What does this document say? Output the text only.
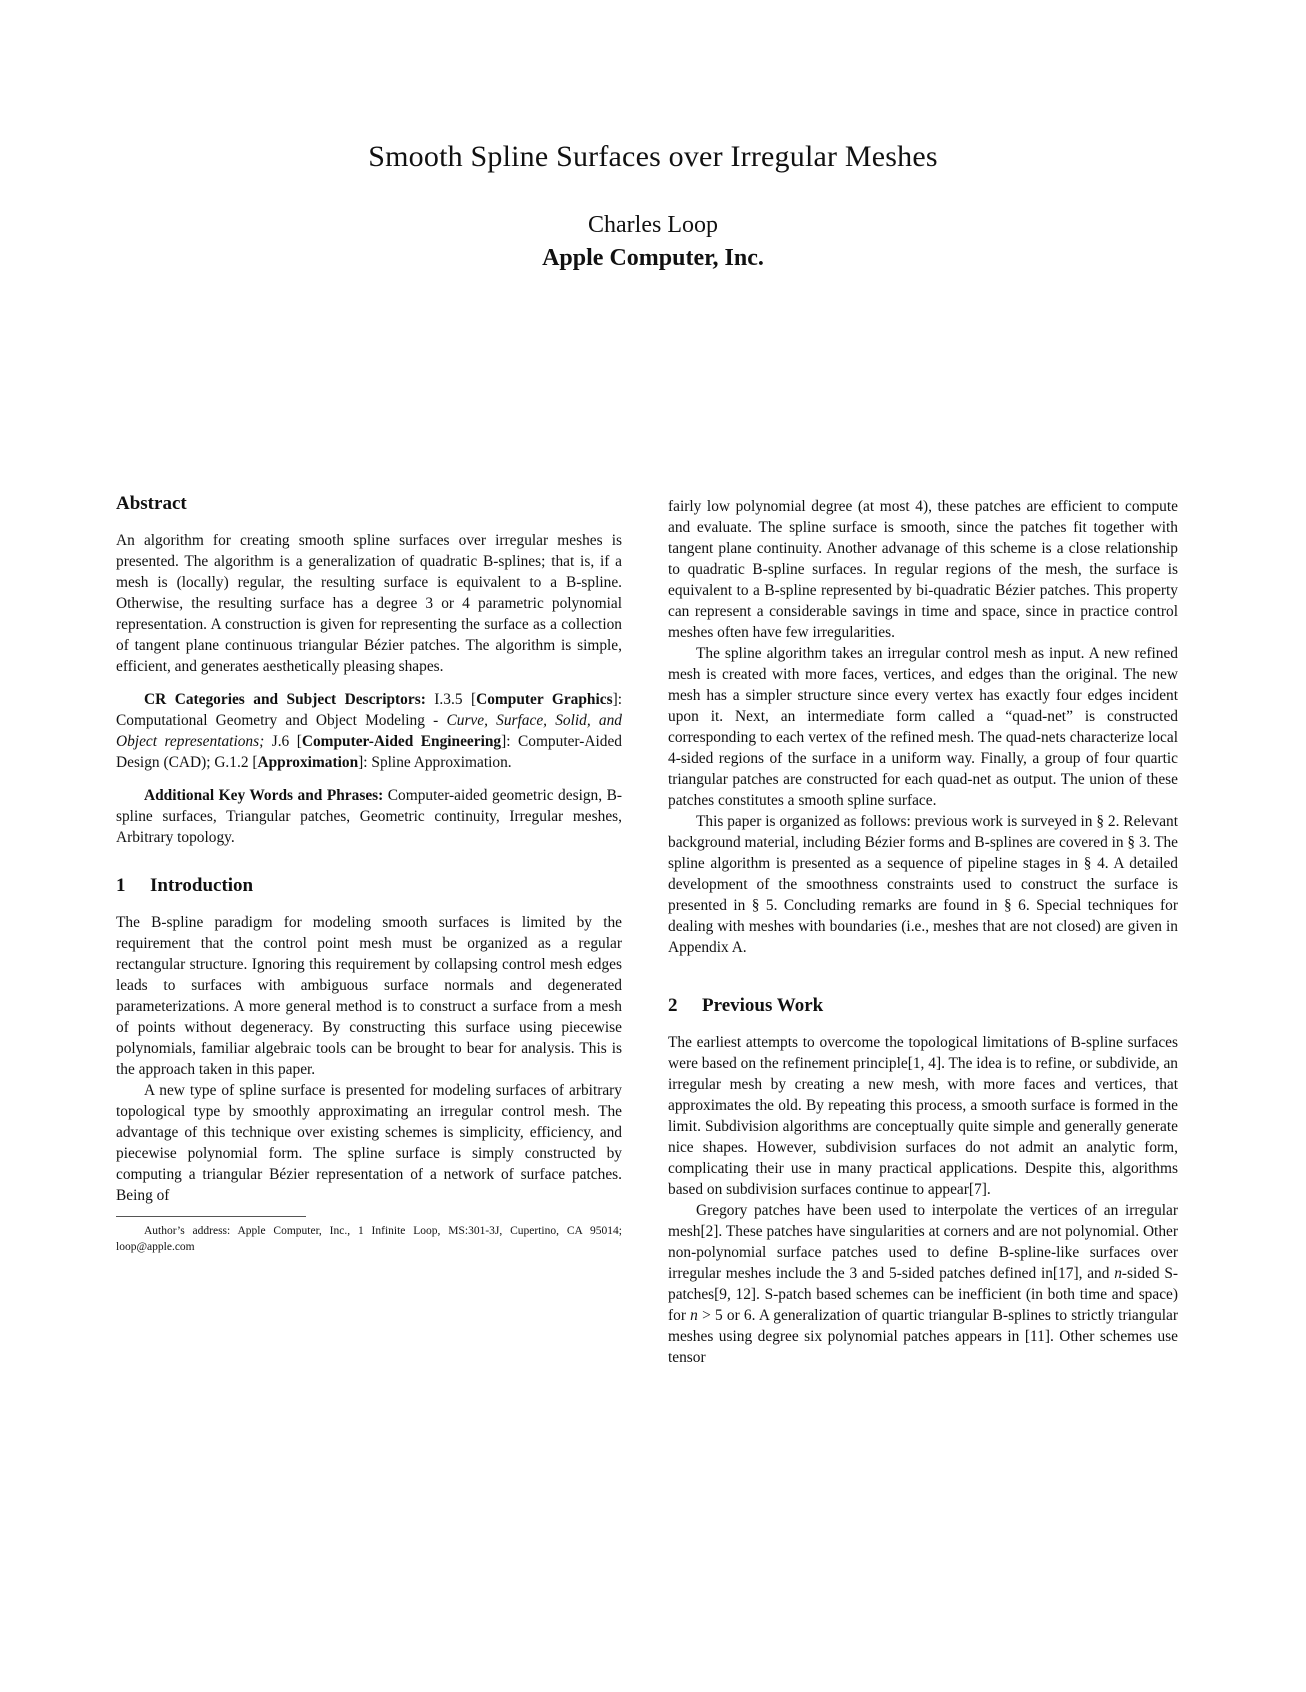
Smooth Spline Surfaces over Irregular Meshes
Charles Loop
Apple Computer, Inc.
Abstract

An algorithm for creating smooth spline surfaces over irregular meshes is presented. The algorithm is a generalization of quadratic B-splines; that is, if a mesh is (locally) regular, the resulting surface is equivalent to a B-spline. Otherwise, the resulting surface has a degree 3 or 4 parametric polynomial representation. A construction is given for representing the surface as a collection of tangent plane continuous triangular Bézier patches. The algorithm is simple, efficient, and generates aesthetically pleasing shapes.

CR Categories and Subject Descriptors: I.3.5 [Computer Graphics]: Computational Geometry and Object Modeling - Curve, Surface, Solid, and Object representations; J.6 [Computer-Aided Engineering]: Computer-Aided Design (CAD); G.1.2 [Approximation]: Spline Approximation.

Additional Key Words and Phrases: Computer-aided geometric design, B-spline surfaces, Triangular patches, Geometric continuity, Irregular meshes, Arbitrary topology.

1 Introduction

The B-spline paradigm for modeling smooth surfaces is limited by the requirement that the control point mesh must be organized as a regular rectangular structure. Ignoring this requirement by collapsing control mesh edges leads to surfaces with ambiguous surface normals and degenerated parameterizations. A more general method is to construct a surface from a mesh of points without degeneracy. By constructing this surface using piecewise polynomials, familiar algebraic tools can be brought to bear for analysis. This is the approach taken in this paper.

A new type of spline surface is presented for modeling surfaces of arbitrary topological type by smoothly approximating an irregular control mesh. The advantage of this technique over existing schemes is simplicity, efficiency, and piecewise polynomial form. The spline surface is simply constructed by computing a triangular Bézier representation of a network of surface patches. Being of

Author’s address: Apple Computer, Inc., 1 Infinite Loop, MS:301-3J, Cupertino, CA 95014; loop@apple.com

fairly low polynomial degree (at most 4), these patches are efficient to compute and evaluate. The spline surface is smooth, since the patches fit together with tangent plane continuity. Another advanage of this scheme is a close relationship to quadratic B-spline surfaces. In regular regions of the mesh, the surface is equivalent to a B-spline represented by bi-quadratic Bézier patches. This property can represent a considerable savings in time and space, since in practice control meshes often have few irregularities.

The spline algorithm takes an irregular control mesh as input. A new refined mesh is created with more faces, vertices, and edges than the original. The new mesh has a simpler structure since every vertex has exactly four edges incident upon it. Next, an intermediate form called a “quad-net” is constructed corresponding to each vertex of the refined mesh. The quad-nets characterize local 4-sided regions of the surface in a uniform way. Finally, a group of four quartic triangular patches are constructed for each quad-net as output. The union of these patches constitutes a smooth spline surface.

This paper is organized as follows: previous work is surveyed in § 2. Relevant background material, including Bézier forms and B-splines are covered in § 3. The spline algorithm is presented as a sequence of pipeline stages in § 4. A detailed development of the smoothness constraints used to construct the surface is presented in § 5. Concluding remarks are found in § 6. Special techniques for dealing with meshes with boundaries (i.e., meshes that are not closed) are given in Appendix A.

2 Previous Work

The earliest attempts to overcome the topological limitations of B-spline surfaces were based on the refinement principle[1, 4]. The idea is to refine, or subdivide, an irregular mesh by creating a new mesh, with more faces and vertices, that approximates the old. By repeating this process, a smooth surface is formed in the limit. Subdivision algorithms are conceptually quite simple and generally generate nice shapes. However, subdivision surfaces do not admit an analytic form, complicating their use in many practical applications. Despite this, algorithms based on subdivision surfaces continue to appear[7].

Gregory patches have been used to interpolate the vertices of an irregular mesh[2]. These patches have singularities at corners and are not polynomial. Other non-polynomial surface patches used to define B-spline-like surfaces over irregular meshes include the 3 and 5-sided patches defined in[17], and n-sided S-patches[9, 12]. S-patch based schemes can be inefficient (in both time and space) for n > 5 or 6. A generalization of quartic triangular B-splines to strictly triangular meshes using degree six polynomial patches appears in [11]. Other schemes use tensor
